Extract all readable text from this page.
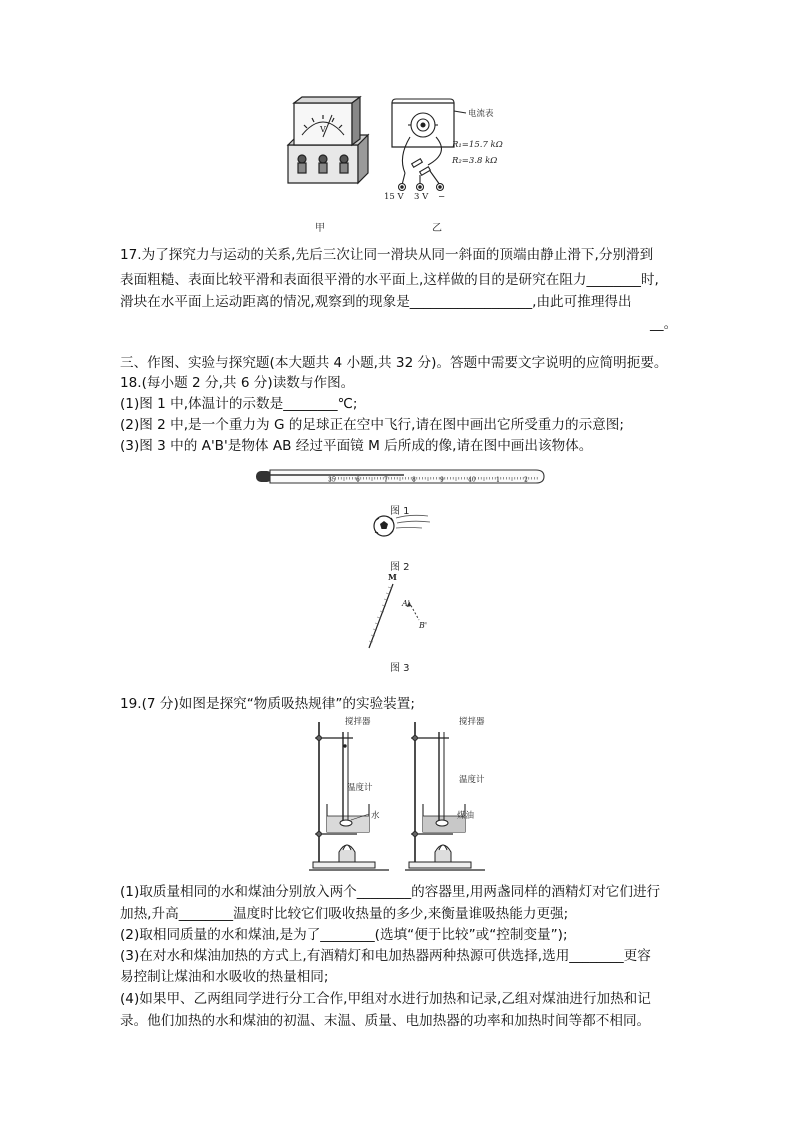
V
电流表
R₁=15.7 kΩ
R₂=3.8 kΩ
15 V 3 V −
甲	乙
17.为了探究力与运动的关系,先后三次让同一滑块从同一斜面的顶端由静止滑下,分别滑到
表面粗糙、表面比较平滑和表面很平滑的水平面上,这样做的目的是研究在阻力________时,
滑块在水平面上运动距离的情况,观察到的现象是__________________,由此可推理得出
__。
三、作图、实验与探究题(本大题共 4 小题,共 32 分)。答题中需要文字说明的应简明扼要。
18.(每小题 2 分,共 6 分)读数与作图。
(1)图 1 中,体温计的示数是________℃;
(2)图 2 中,是一个重力为 G 的足球正在空中飞行,请在图中画出它所受重力的示意图;
(3)图 3 中的 A'B'是物体 AB 经过平面镜 M 后所成的像,请在图中画出该物体。
35	6	7	8	9	40	1	2
图 1
图 2
M
A'
B'
图 3
19.(7 分)如图是探究“物质吸热规律”的实验装置;
搅拌器
温度计
水
搅拌器
温度计
煤油
(1)取质量相同的水和煤油分别放入两个________的容器里,用两盏同样的酒精灯对它们进行
加热,升高________温度时比较它们吸收热量的多少,来衡量谁吸热能力更强;
(2)取相同质量的水和煤油,是为了________(选填“便于比较”或“控制变量”);
(3)在对水和煤油加热的方式上,有酒精灯和电加热器两种热源可供选择,选用________更容
易控制让煤油和水吸收的热量相同;
(4)如果甲、乙两组同学进行分工合作,甲组对水进行加热和记录,乙组对煤油进行加热和记
录。他们加热的水和煤油的初温、末温、质量、电加热器的功率和加热时间等都不相同。
